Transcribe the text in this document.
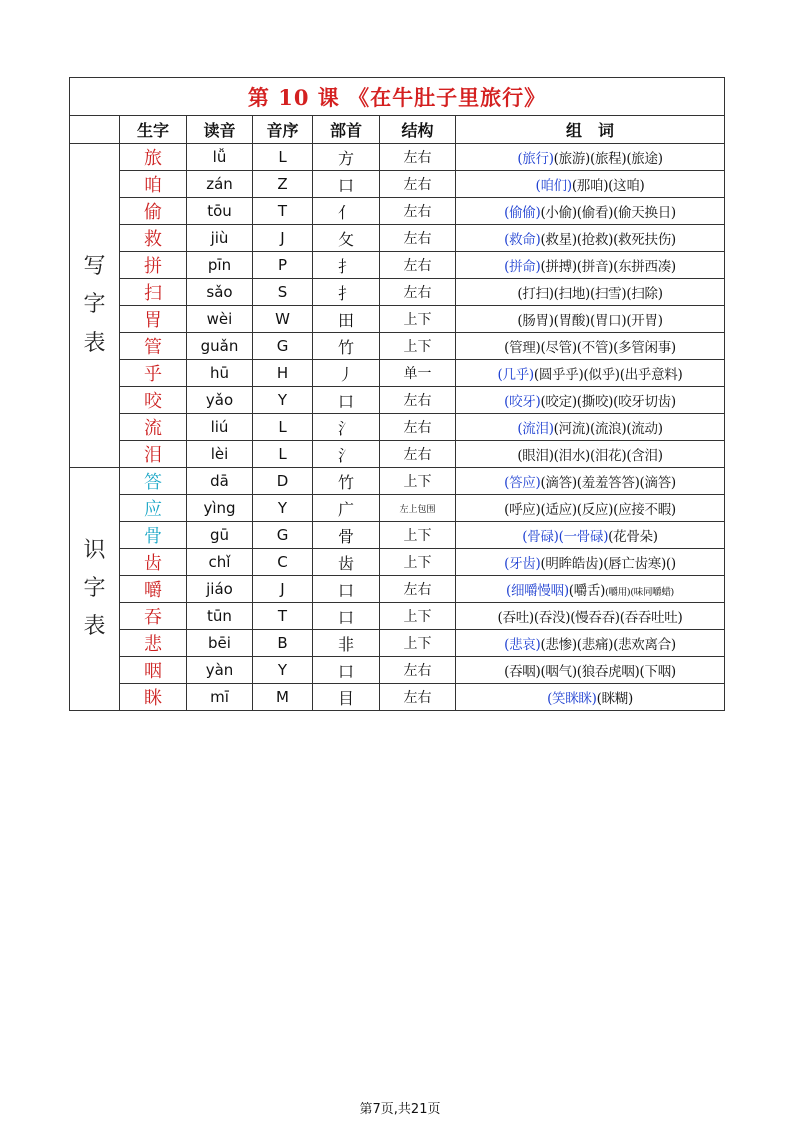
第 10 课 《在牛肚子里旅行》						
	生字	读音	音序	部首	结构	组　词

写
字
表	旅	lǚ	L	方	左右	(旅行)(旅游)(旅程)(旅途)
	咱	zán	Z	口	左右	(咱们)(那咱)(这咱)
	偷	tōu	T	亻	左右	(偷偷)(小偷)(偷看)(偷天换日)
	救	jiù	J	攵	左右	(救命)(救星)(抢救)(救死扶伤)
	拼	pīn	P	扌	左右	(拼命)(拼搏)(拼音)(东拼西凑)
	扫	sǎo	S	扌	左右	(打扫)(扫地)(扫雪)(扫除)
	胃	wèi	W	田	上下	(肠胃)(胃酸)(胃口)(开胃)
	管	guǎn	G	竹	上下	(管理)(尽管)(不管)(多管闲事)
	乎	hū	H	丿	单一	(几乎)(圆乎乎)(似乎)(出乎意料)
	咬	yǎo	Y	口	左右	(咬牙)(咬定)(撕咬)(咬牙切齿)
	流	liú	L	氵	左右	(流泪)(河流)(流浪)(流动)
	泪	lèi	L	氵	左右	(眼泪)(泪水)(泪花)(含泪)

识
字
表	答	dā	D	竹	上下	(答应)(滴答)(羞羞答答)(滴答)
	应	yìng	Y	广	左上包围	(呼应)(适应)(反应)(应接不暇)
	骨	gū	G	骨	上下	(骨碌)(一骨碌)(花骨朵)
	齿	chǐ	C	齿	上下	(牙齿)(明眸皓齿)(唇亡齿寒)()
	嚼	jiáo	J	口	左右	(细嚼慢咽)(嚼舌)(嚼用)(味同嚼蜡)
	吞	tūn	T	口	上下	(吞吐)(吞没)(慢吞吞)(吞吞吐吐)
	悲	bēi	B	非	上下	(悲哀)(悲惨)(悲痛)(悲欢离合)
	咽	yàn	Y	口	左右	(吞咽)(咽气)(狼吞虎咽)(下咽)
	眯	mī	M	目	左右	(笑眯眯)(眯糊)
第7页,共21页
